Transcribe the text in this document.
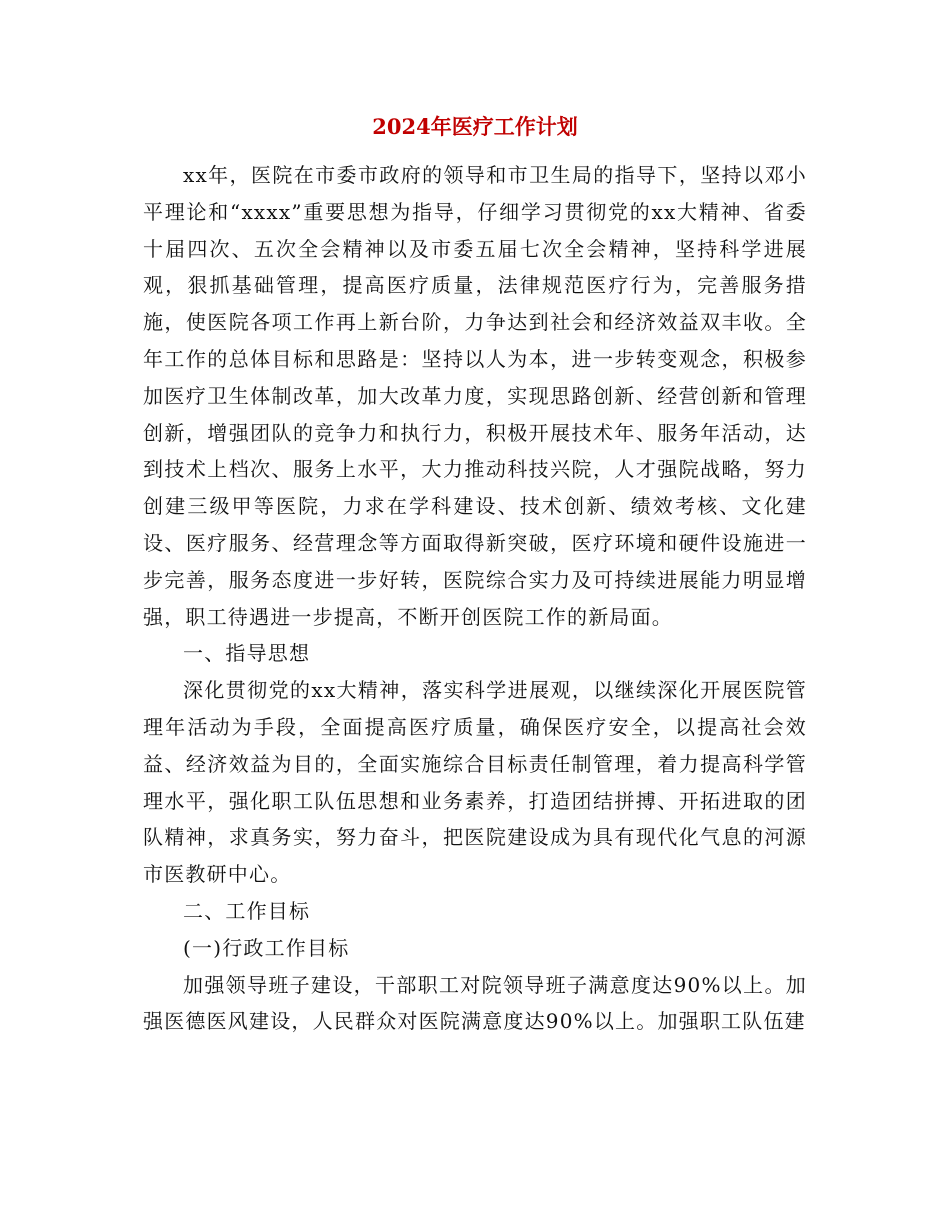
2024年医疗工作计划

xx年，医院在市委市政府的领导和市卫生局的指导下，坚持以邓小平理论和“xxxx”重要思想为指导，仔细学习贯彻党的xx大精神、省委十届四次、五次全会精神以及市委五届七次全会精神，坚持科学进展观，狠抓基础管理，提高医疗质量，法律规范医疗行为，完善服务措施，使医院各项工作再上新台阶，力争达到社会和经济效益双丰收。全年工作的总体目标和思路是：坚持以人为本，进一步转变观念，积极参加医疗卫生体制改革，加大改革力度，实现思路创新、经营创新和管理创新，增强团队的竞争力和执行力，积极开展技术年、服务年活动，达到技术上档次、服务上水平，大力推动科技兴院，人才强院战略，努力创建三级甲等医院，力求在学科建设、技术创新、绩效考核、文化建设、医疗服务、经营理念等方面取得新突破，医疗环境和硬件设施进一步完善，服务态度进一步好转，医院综合实力及可持续进展能力明显增强，职工待遇进一步提高，不断开创医院工作的新局面。

一、指导思想

深化贯彻党的xx大精神，落实科学进展观，以继续深化开展医院管理年活动为手段，全面提高医疗质量，确保医疗安全，以提高社会效益、经济效益为目的，全面实施综合目标责任制管理，着力提高科学管理水平，强化职工队伍思想和业务素养，打造团结拼搏、开拓进取的团队精神，求真务实，努力奋斗，把医院建设成为具有现代化气息的河源市医教研中心。

二、工作目标

(一)行政工作目标

加强领导班子建设，干部职工对院领导班子满意度达90%以上。加强医德医风建设，人民群众对医院满意度达90%以上。加强职工队伍建
